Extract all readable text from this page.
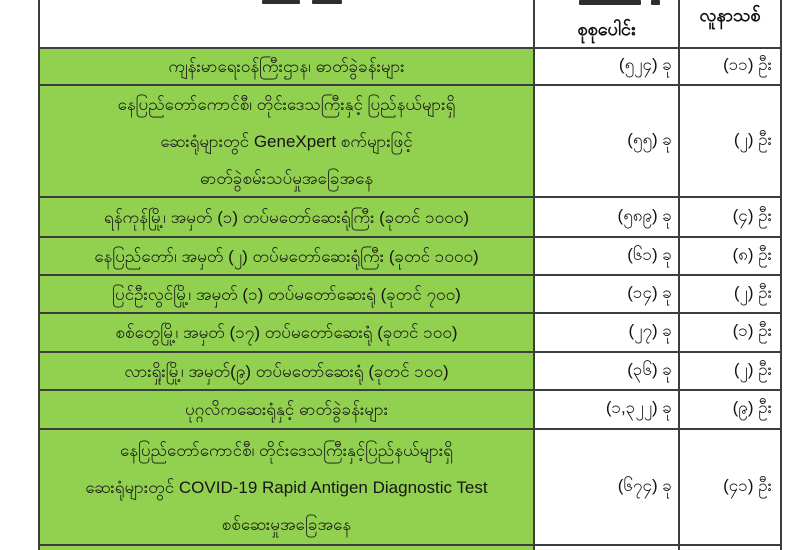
စုစုပေါင်း
လူနာသစ်
ကျန်းမာရေးဝန်ကြီးဌာန၊ ဓာတ်ခွဲခန်းများ	(၅၂၄) ခု	(၁၁) ဦး
နေပြည်တော်ကောင်စီ၊ တိုင်းဒေသကြီးနှင့် ပြည်နယ်များရှိ
ဆေးရုံများတွင် GeneXpert စက်များဖြင့်
ဓာတ်ခွဲစမ်းသပ်မှုအခြေအနေ
(၅၅) ခု	(၂) ဦး
ရန်ကုန်မြို့၊ အမှတ် (၁) တပ်မတော်ဆေးရုံကြီး (ခုတင် ၁၀၀၀)	(၅၈၉) ခု	(၄) ဦး
နေပြည်တော်၊ အမှတ် (၂) တပ်မတော်ဆေးရုံကြီး (ခုတင် ၁၀၀၀)	(၆၁) ခု	(၈) ဦး
ပြင်ဦးလွင်မြို့၊ အမှတ် (၁) တပ်မတော်ဆေးရုံ (ခုတင် ၇၀၀)	(၁၄) ခု	(၂) ဦး
စစ်တွေမြို့၊ အမှတ် (၁၇) တပ်မတော်ဆေးရုံ (ခုတင် ၁၀၀)	(၂၇) ခု	(၁) ဦး
လားရှိုးမြို့၊ အမှတ်(၉) တပ်မတော်ဆေးရုံ (ခုတင် ၁၀၀)	(၃၆) ခု	(၂) ဦး
ပုဂ္ဂလိကဆေးရုံနှင့် ဓာတ်ခွဲခန်းများ	(၁,၃၂၂) ခု	(၉) ဦး
နေပြည်တော်ကောင်စီ၊ တိုင်းဒေသကြီးနှင့်ပြည်နယ်များရှိ
ဆေးရုံများတွင် COVID-19 Rapid Antigen Diagnostic Test
စစ်ဆေးမှုအခြေအနေ
(၆၇၄) ခု	(၄၁) ဦး
